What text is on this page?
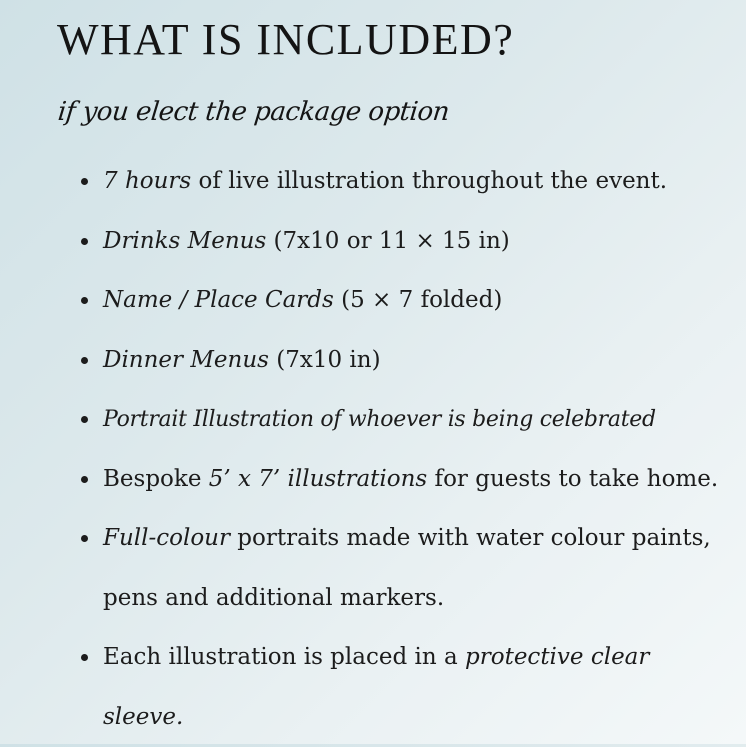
WHAT IS INCLUDED?
if you elect the package option
7 hours of live illustration throughout the event.
Drinks Menus (7x10 or 11 × 15 in)
Name / Place Cards (5 × 7 folded)
Dinner Menus (7x10 in)
Portrait Illustration of whoever is being celebrated
Bespoke 5’ x 7’ illustrations for guests to take home.
Full-colour portraits made with water colour paints, pens and additional markers.
Each illustration is placed in a protective clear sleeve.
